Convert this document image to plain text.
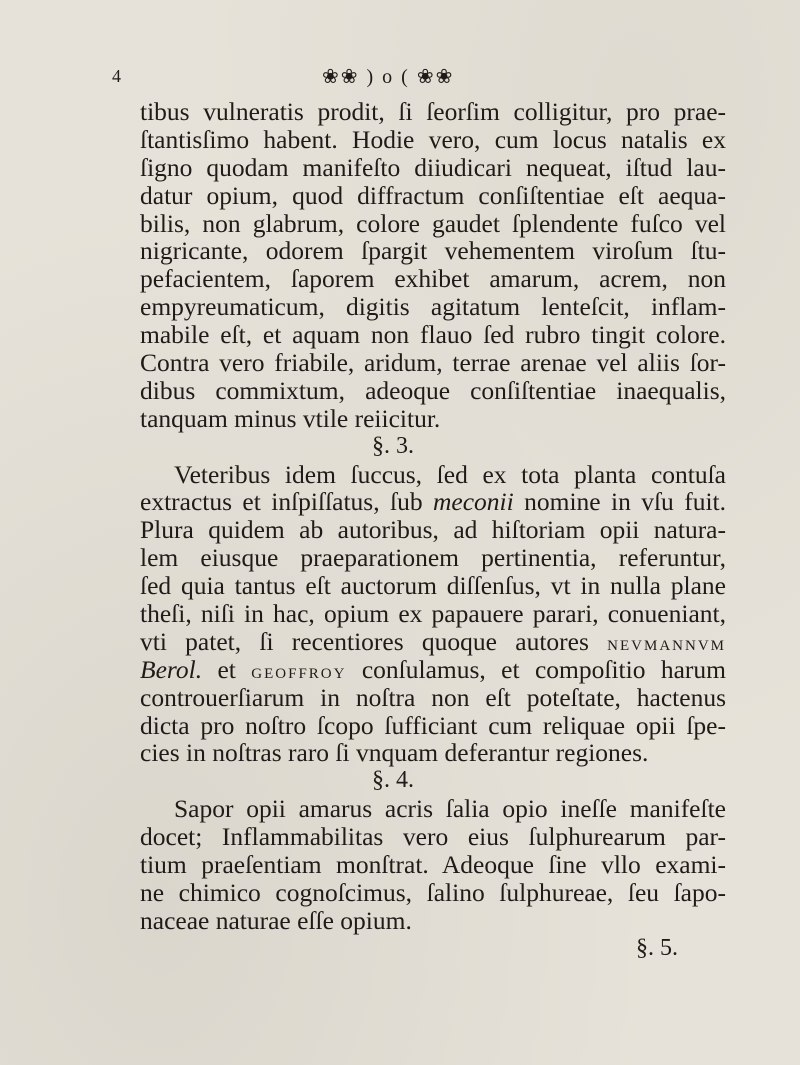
4	❀❀ ) o ( ❀❀
tibus vulneratis prodit, ſi ſeorſim colligitur, pro prae-
ſtantisſimo habent. Hodie vero, cum locus natalis ex
ſigno quodam manifeſto diiudicari nequeat, iſtud lau-
datur opium, quod diffractum conſiſtentiae eſt aequa-
bilis, non glabrum, colore gaudet ſplendente fuſco vel
nigricante, odorem ſpargit vehementem viroſum ſtu-
pefacientem, ſaporem exhibet amarum, acrem, non
empyreumaticum, digitis agitatum lenteſcit, inflam-
mabile eſt, et aquam non flauo ſed rubro tingit colore.
Contra vero friabile, aridum, terrae arenae vel aliis ſor-
dibus commixtum, adeoque conſiſtentiae inaequalis,
tanquam minus vtile reiicitur.
§. 3.
Veteribus idem ſuccus, ſed ex tota planta contuſa
extractus et inſpiſſatus, ſub meconii nomine in vſu fuit.
Plura quidem ab autoribus, ad hiſtoriam opii natura-
lem eiusque praeparationem pertinentia, referuntur,
ſed quia tantus eſt auctorum diſſenſus, vt in nulla plane
theſi, niſi in hac, opium ex papauere parari, conueniant,
vti patet, ſi recentiores quoque autores nevmannvm
Berol. et geoffroy conſulamus, et compoſitio harum
controuerſiarum in noſtra non eſt poteſtate, hactenus
dicta pro noſtro ſcopo ſufficiant cum reliquae opii ſpe-
cies in noſtras raro ſi vnquam deferantur regiones.
§. 4.
Sapor opii amarus acris ſalia opio ineſſe manifeſte
docet; Inflammabilitas vero eius ſulphurearum par-
tium praeſentiam monſtrat. Adeoque ſine vllo exami-
ne chimico cognoſcimus, ſalino ſulphureae, ſeu ſapo-
naceae naturae eſſe opium.
§. 5.
